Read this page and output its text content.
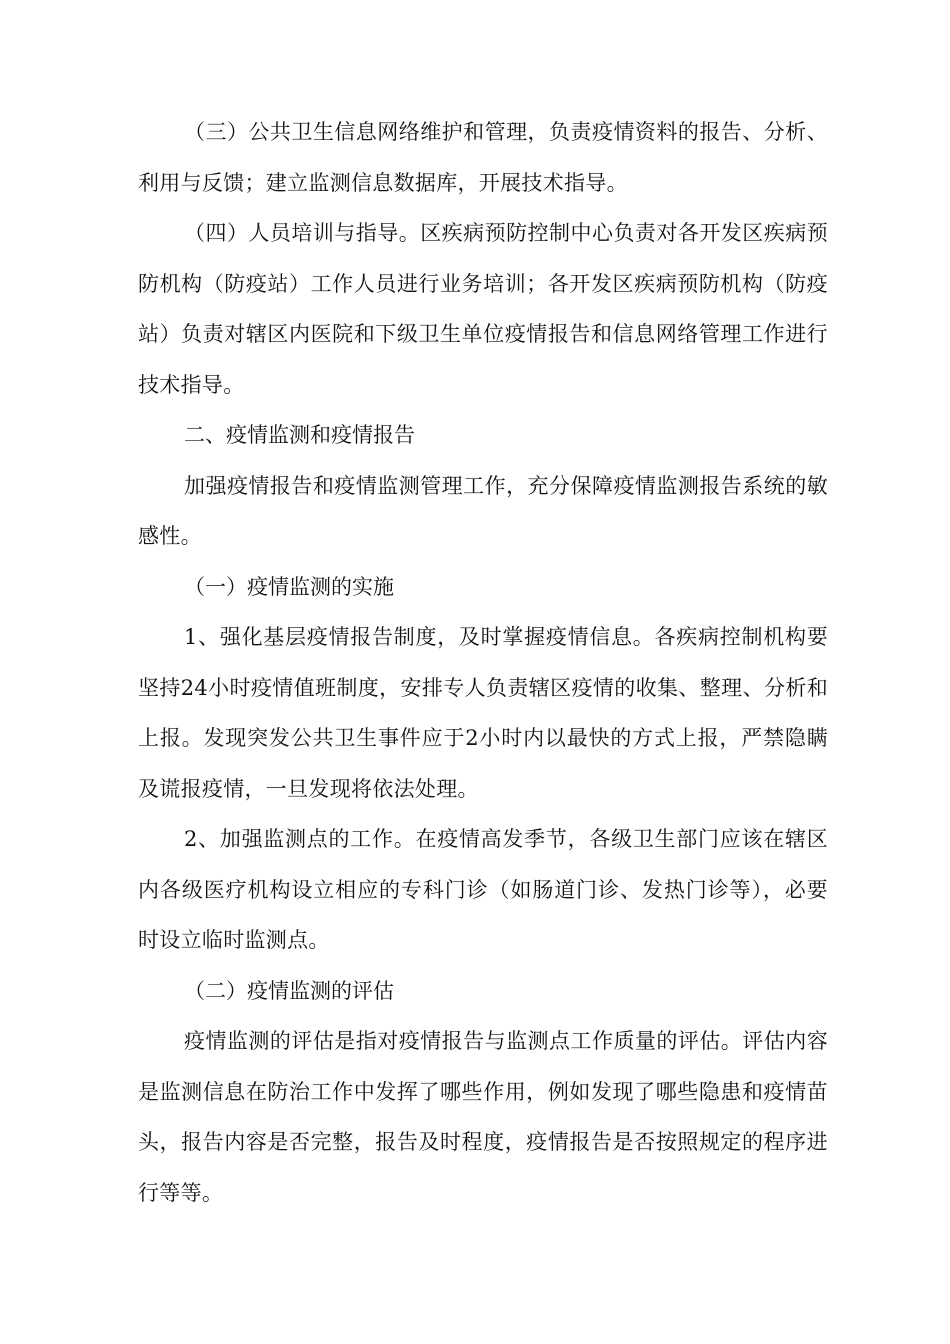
（三）公共卫生信息网络维护和管理，负责疫情资料的报告、分析、利用与反馈；建立监测信息数据库，开展技术指导。

（四）人员培训与指导。区疾病预防控制中心负责对各开发区疾病预防机构（防疫站）工作人员进行业务培训；各开发区疾病预防机构（防疫站）负责对辖区内医院和下级卫生单位疫情报告和信息网络管理工作进行技术指导。

二、疫情监测和疫情报告

加强疫情报告和疫情监测管理工作，充分保障疫情监测报告系统的敏感性。

（一）疫情监测的实施

1、强化基层疫情报告制度，及时掌握疫情信息。各疾病控制机构要坚持24小时疫情值班制度，安排专人负责辖区疫情的收集、整理、分析和上报。发现突发公共卫生事件应于2小时内以最快的方式上报，严禁隐瞒及谎报疫情，一旦发现将依法处理。

2、加强监测点的工作。在疫情高发季节，各级卫生部门应该在辖区内各级医疗机构设立相应的专科门诊（如肠道门诊、发热门诊等），必要时设立临时监测点。

（二）疫情监测的评估

疫情监测的评估是指对疫情报告与监测点工作质量的评估。评估内容是监测信息在防治工作中发挥了哪些作用，例如发现了哪些隐患和疫情苗头，报告内容是否完整，报告及时程度，疫情报告是否按照规定的程序进行等等。
